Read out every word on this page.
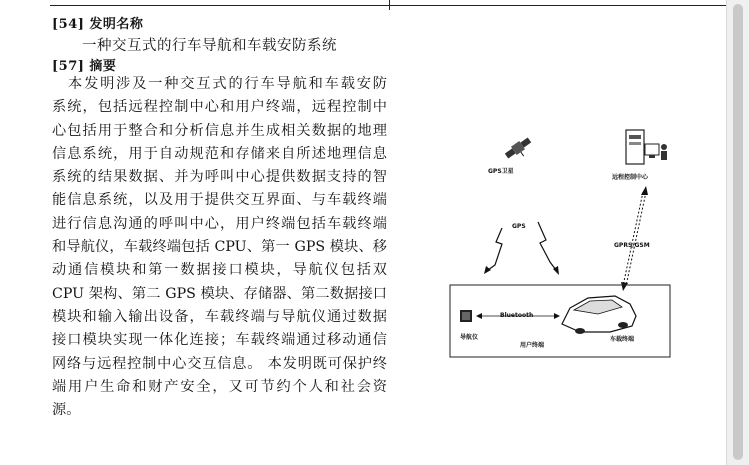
[54] 发明名称
一种交互式的行车导航和车载安防系统
[57] 摘要
　本发明涉及一种交互式的行车导航和车载安防
系统，包括远程控制中心和用户终端，远程控制中
心包括用于整合和分析信息并生成相关数据的地理
信息系统，用于自动规范和存储来自所述地理信息
系统的结果数据、并为呼叫中心提供数据支持的智
能信息系统，以及用于提供交互界面、与车载终端
进行信息沟通的呼叫中心，用户终端包括车载终端
和导航仪，车载终端包括 CPU、第一 GPS 模块、移
动通信模块和第一数据接口模块，导航仪包括双
CPU 架构、第二 GPS 模块、存储器、第二数据接口
模块和输入输出设备，车载终端与导航仪通过数据
接口模块实现一体化连接；车载终端通过移动通信
网络与远程控制中心交互信息。 本发明既可保护终
端用户生命和财产安全，又可节约个人和社会资
源。
GPS卫星
远程控制中心
GPS
GPRS/GSM
Bluetooth
导航仪
用户终端
车载终端
